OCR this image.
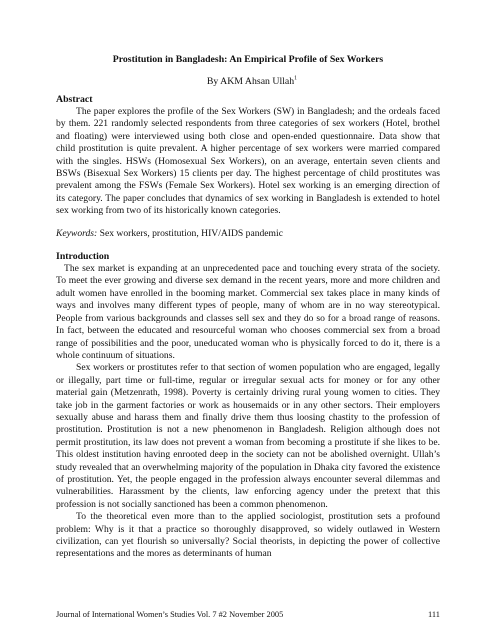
Prostitution in Bangladesh: An Empirical Profile of Sex Workers

By AKM Ahsan Ullah$^1$

Abstract

The paper explores the profile of the Sex Workers (SW) in Bangladesh; and the ordeals faced by them. 221 randomly selected respondents from three categories of sex workers (Hotel, brothel and floating) were interviewed using both close and open-ended questionnaire. Data show that child prostitution is quite prevalent. A higher percentage of sex workers were married compared with the singles. HSWs (Homosexual Sex Workers), on an average, entertain seven clients and BSWs (Bisexual Sex Workers) 15 clients per day. The highest percentage of child prostitutes was prevalent among the FSWs (Female Sex Workers). Hotel sex working is an emerging direction of its category. The paper concludes that dynamics of sex working in Bangladesh is extended to hotel sex working from two of its historically known categories.

Keywords: Sex workers, prostitution, HIV/AIDS pandemic

Introduction

The sex market is expanding at an unprecedented pace and touching every strata of the society. To meet the ever growing and diverse sex demand in the recent years, more and more children and adult women have enrolled in the booming market. Commercial sex takes place in many kinds of ways and involves many different types of people, many of whom are in no way stereotypical. People from various backgrounds and classes sell sex and they do so for a broad range of reasons. In fact, between the educated and resourceful woman who chooses commercial sex from a broad range of possibilities and the poor, uneducated woman who is physically forced to do it, there is a whole continuum of situations.

Sex workers or prostitutes refer to that section of women population who are engaged, legally or illegally, part time or full-time, regular or irregular sexual acts for money or for any other material gain (Metzenrath, 1998). Poverty is certainly driving rural young women to cities. They take job in the garment factories or work as housemaids or in any other sectors. Their employers sexually abuse and harass them and finally drive them thus loosing chastity to the profession of prostitution. Prostitution is not a new phenomenon in Bangladesh. Religion although does not permit prostitution, its law does not prevent a woman from becoming a prostitute if she likes to be. This oldest institution having enrooted deep in the society can not be abolished overnight. Ullah’s study revealed that an overwhelming majority of the population in Dhaka city favored the existence of prostitution. Yet, the people engaged in the profession always encounter several dilemmas and vulnerabilities. Harassment by the clients, law enforcing agency under the pretext that this profession is not socially sanctioned has been a common phenomenon.

To the theoretical even more than to the applied sociologist, prostitution sets a profound problem: Why is it that a practice so thoroughly disapproved, so widely outlawed in Western civilization, can yet flourish so universally? Social theorists, in depicting the power of collective representations and the mores as determinants of human

Journal of International Women’s Studies Vol. 7 #2 November 2005	111
